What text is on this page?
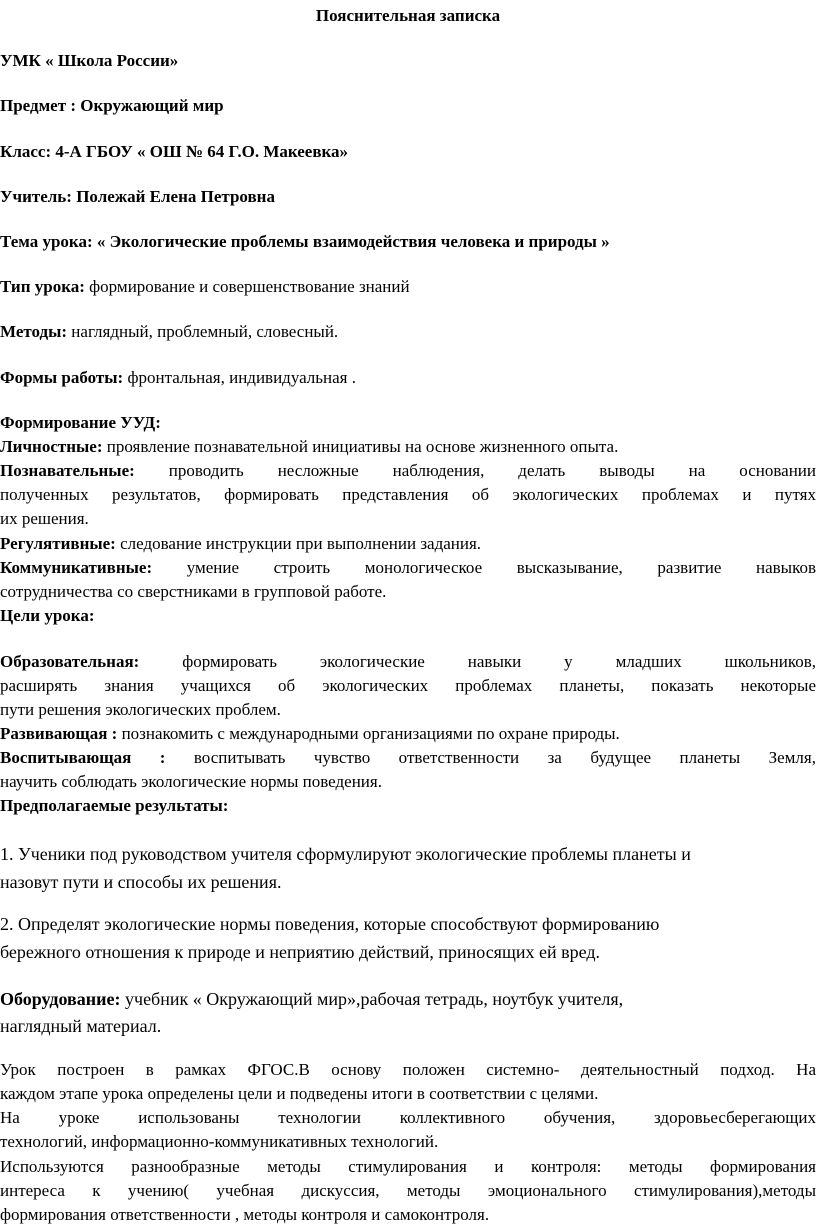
Пояснительная записка

УМК « Школа России»

Предмет : Окружающий мир

Класс: 4-А ГБОУ « ОШ № 64 Г.О. Макеевка»

Учитель: Полежай Елена Петровна

Тема урока: « Экологические проблемы взаимодействия человека и природы »

Тип урока: формирование и совершенствование знаний

Методы: наглядный, проблемный, словесный.

Формы работы: фронтальная, индивидуальная .

Формирование УУД:

Личностные: проявление познавательной инициативы на основе жизненного опыта.

Познавательные: проводить несложные наблюдения, делать выводы на основании

полученных результатов, формировать представления об экологических проблемах и путях

их решения.

Регулятивные: следование инструкции при выполнении задания.

Коммуникативные: умение строить монологическое высказывание, развитие навыков

сотрудничества со сверстниками в групповой работе.

Цели урока:

Образовательная: формировать экологические навыки у младших школьников,

расширять знания учащихся об экологических проблемах планеты, показать некоторые

пути решения экологических проблем.

Развивающая : познакомить с международными организациями по охране природы.

Воспитывающая : воспитывать чувство ответственности за будущее планеты Земля,

научить соблюдать экологические нормы поведения.

Предполагаемые результаты:

1. Ученики под руководством учителя сформулируют экологические проблемы планеты и

назовут пути и способы их решения.

2. Определят экологические нормы поведения, которые способствуют формированию

бережного отношения к природе и неприятию действий, приносящих ей вред.

Оборудование: учебник « Окружающий мир»,рабочая тетрадь, ноутбук учителя,

наглядный материал.

Урок построен в рамках ФГОС.В основу положен системно- деятельностный подход. На

каждом этапе урока определены цели и подведены итоги в соответствии с целями.

На уроке использованы технологии коллективного обучения, здоровьесберегающих

технологий, информационно-коммуникативных технологий.

Используются разнообразные методы стимулирования и контроля: методы формирования

интереса к учению( учебная дискуссия, методы эмоционального стимулирования),методы

формирования ответственности , методы контроля и самоконтроля.
